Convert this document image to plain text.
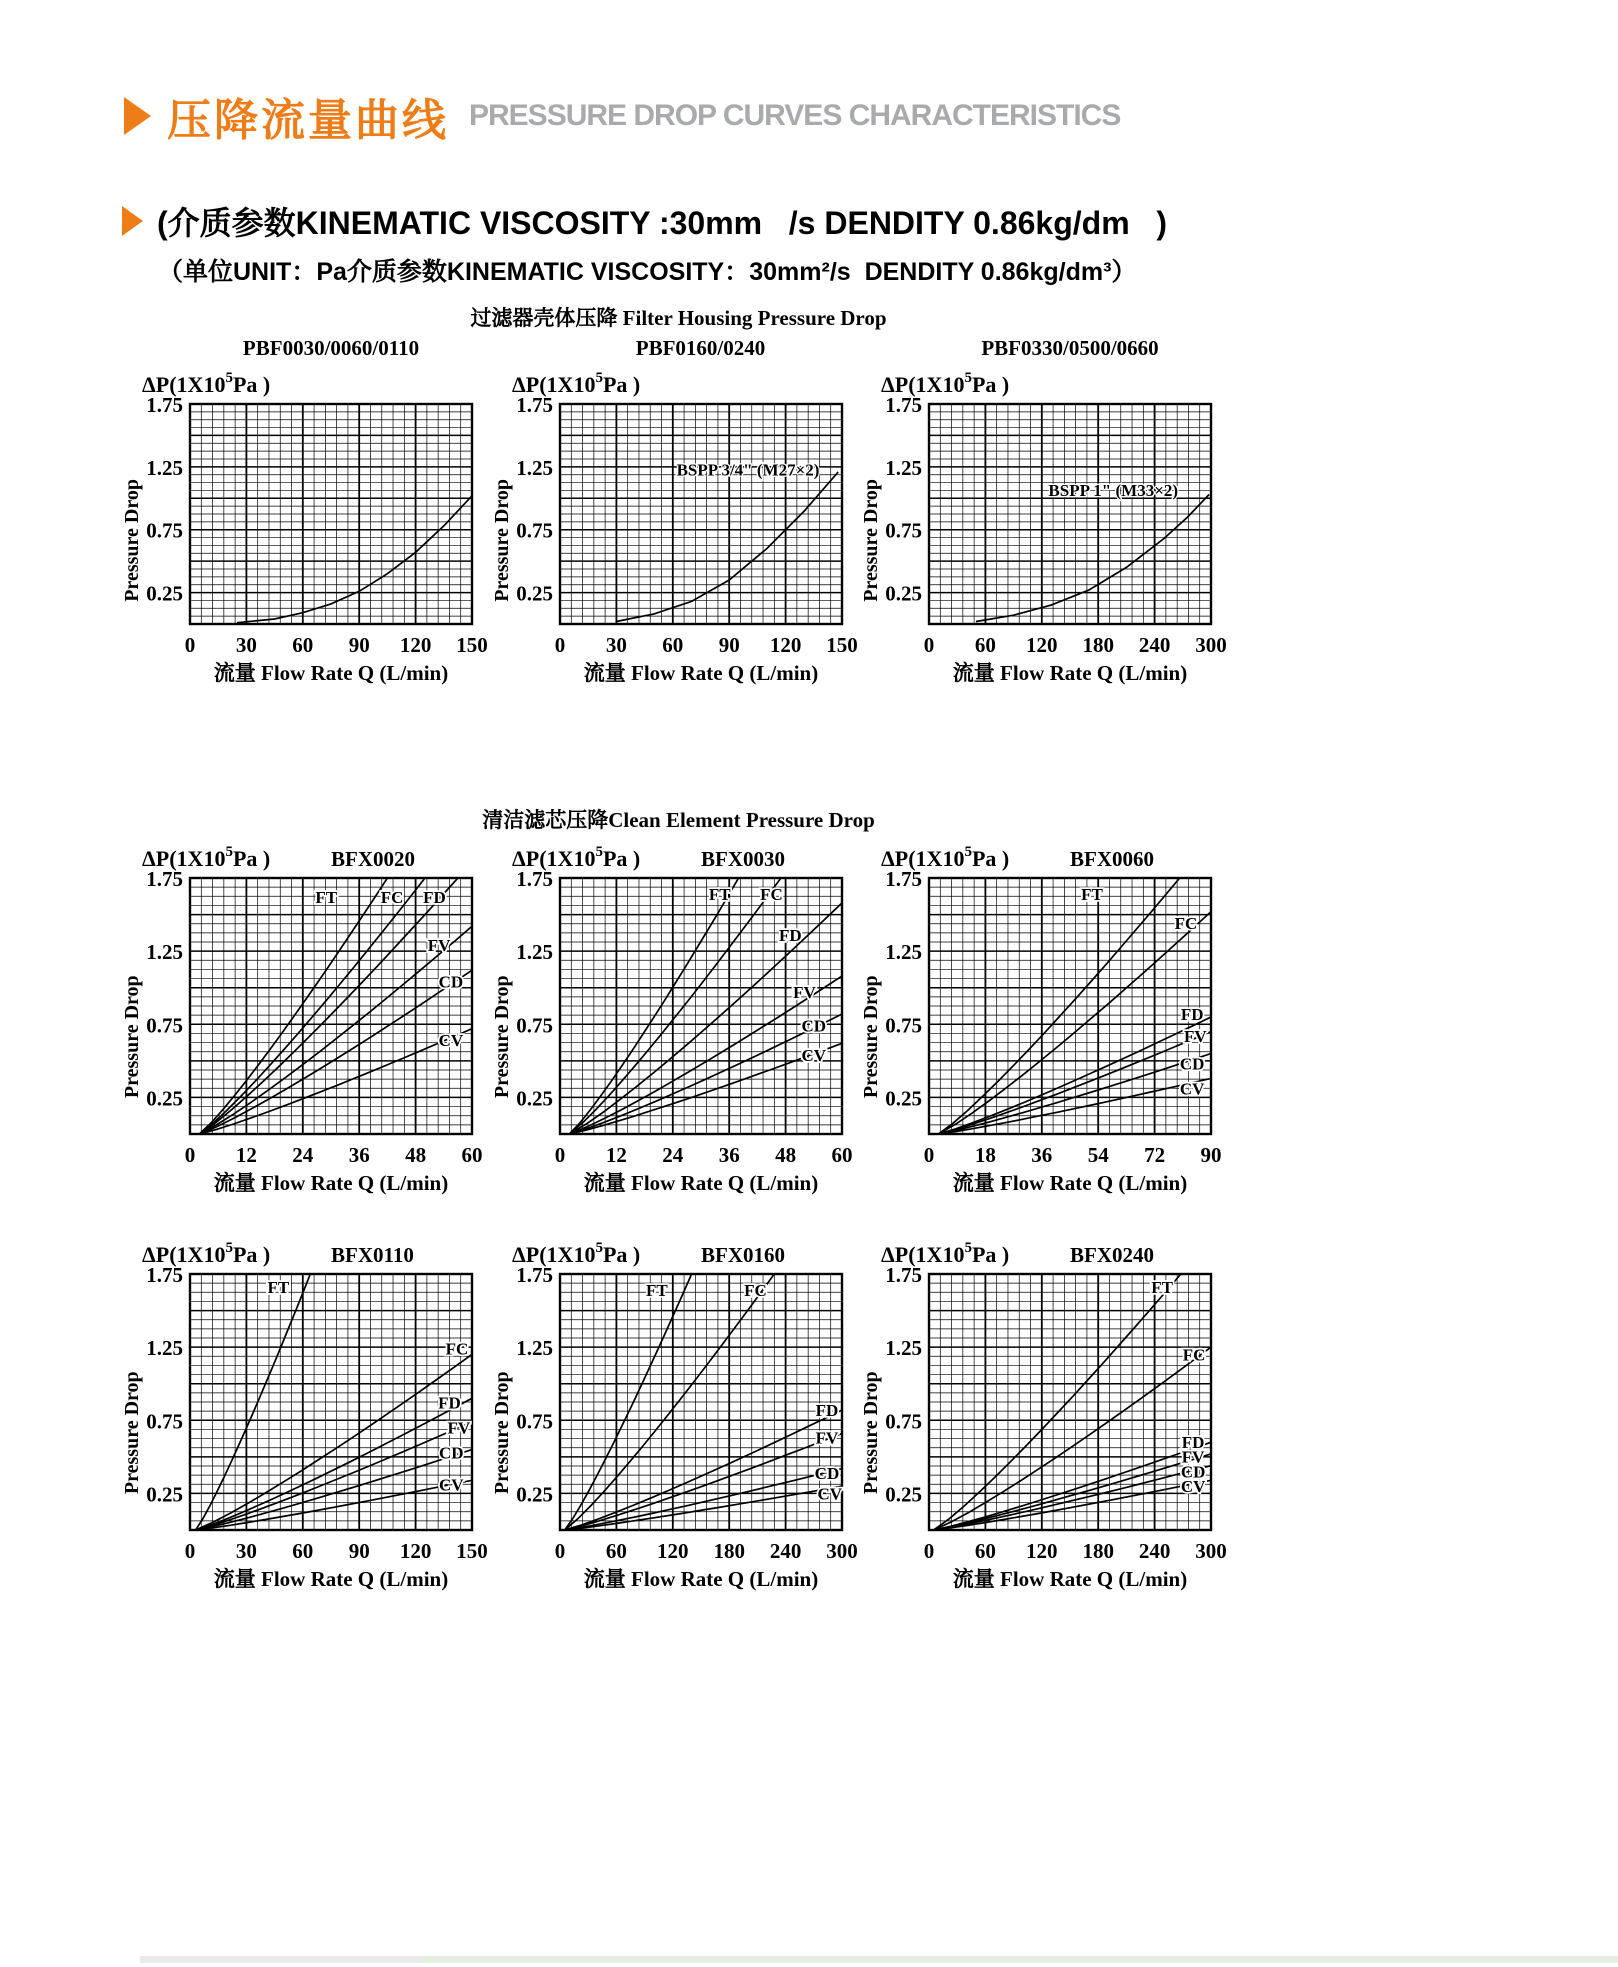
压降流量曲线 PRESSURE DROP CURVES CHARACTERISTICS
(介质参数KINEMATIC VISCOSITY :30mm   /s DENDITY 0.86kg/dm   )
（单位UNIT：Pa介质参数KINEMATIC VISCOSITY：30mm²/s  DENDITY 0.86kg/dm³）
过滤器壳体压降 Filter Housing Pressure Drop
PBF0030/0060/0110
$\Delta P(1X10^5Pa$ )
1.75
1.25
0.75
0.25
Pressure Drop
0 30 60 90 120 150
流量 Flow Rate Q (L/min)
PBF0160/0240
$\Delta P(1X10^5Pa$ )
1.75
1.25
0.75
0.25
Pressure Drop
0 30 60 90 120 150
流量 Flow Rate Q (L/min)
BSPP 3/4" (M27×2)
PBF0330/0500/0660
$\Delta P(1X10^5Pa$ )
1.75
1.25
0.75
0.25
Pressure Drop
0 60 120 180 240 300
流量 Flow Rate Q (L/min)
BSPP 1" (M33×2)
清洁滤芯压降Clean Element Pressure Drop
$\Delta P(1X10^5Pa$ )	BFX0020
1.75
1.25
0.75
0.25
Pressure Drop
0 12 24 36 48 60
流量 Flow Rate Q (L/min)
FT	FC FD
FV
CD
CV
$\Delta P(1X10^5Pa$ )	BFX0030
1.75
1.25
0.75
0.25
Pressure Drop
0 12 24 36 48 60
流量 Flow Rate Q (L/min)
FT FC
FD
FV
CD
CV
$\Delta P(1X10^5Pa$ )	BFX0060
1.75
1.25
0.75
0.25
Pressure Drop
0 18 36 54 72 90
流量 Flow Rate Q (L/min)
FT
FC
FD
FV
CD
CV
$\Delta P(1X10^5Pa$ )	BFX0110
1.75
1.25
0.75
0.25
Pressure Drop
0 30 60 90 120 150
流量 Flow Rate Q (L/min)
FT
FC
FD
FV
CD
CV
$\Delta P(1X10^5Pa$ )	BFX0160
1.75
1.25
0.75
0.25
Pressure Drop
0 60 120 180 240 300
流量 Flow Rate Q (L/min)
FT	FC
FD
FV
CD
CV
$\Delta P(1X10^5Pa$ )	BFX0240
1.75
1.25
0.75
0.25
Pressure Drop
0 60 120 180 240 300
流量 Flow Rate Q (L/min)
FT
FC
FD
FV
CD
CV
